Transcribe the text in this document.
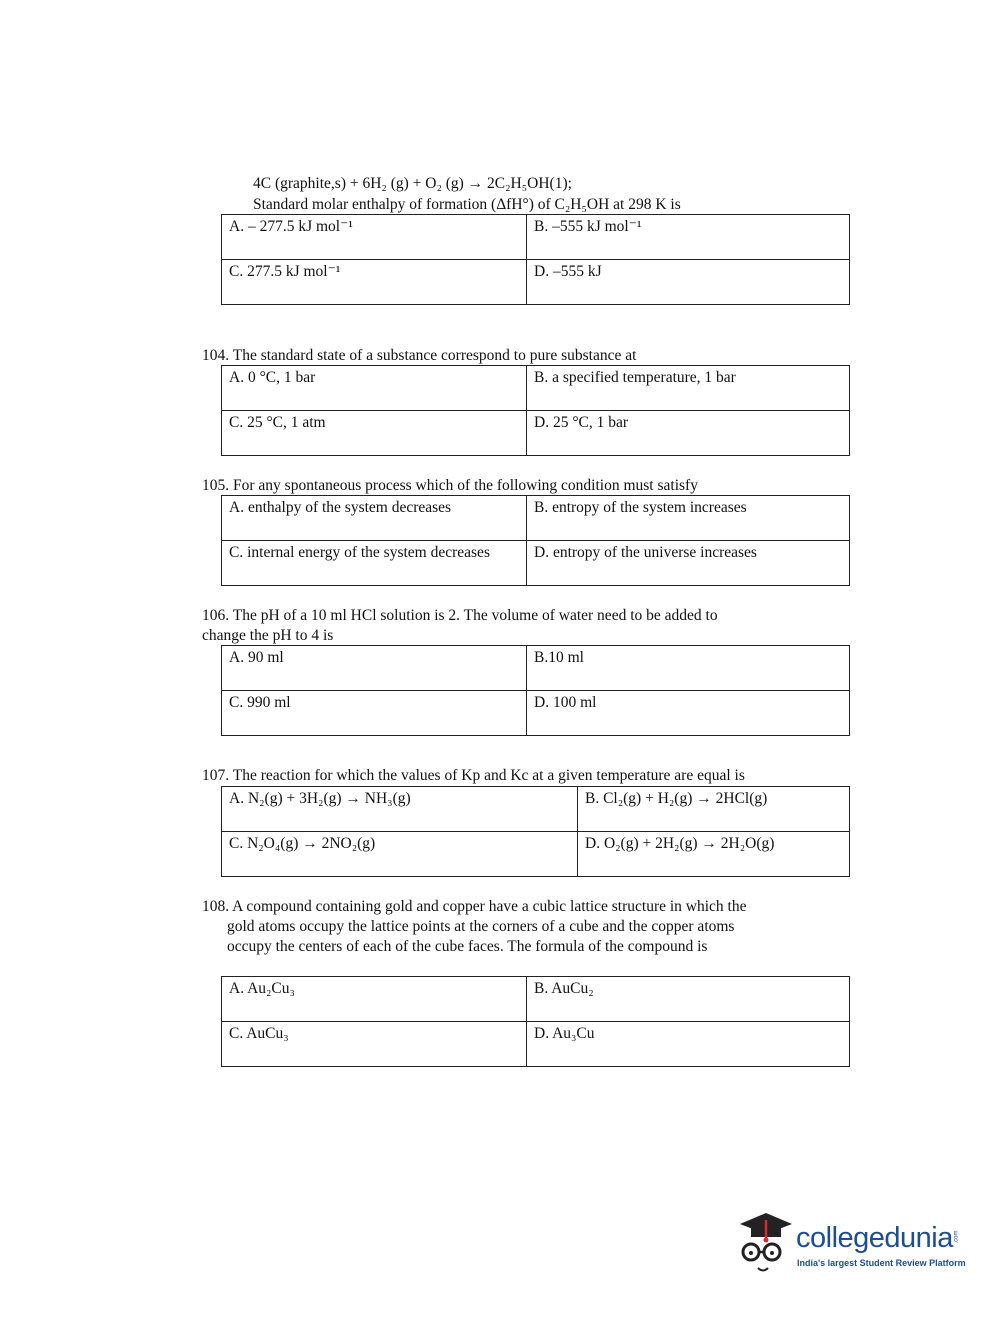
4C (graphite,s) + 6H₂ (g) + O₂ (g) → 2C₂H₅OH(1);
Standard molar enthalpy of formation (ΔfH°) of C₂H₅OH at 298 K is
A. – 277.5 kJ mol⁻¹	B. –555 kJ mol⁻¹
C. 277.5 kJ mol⁻¹	D. –555 kJ
104. The standard state of a substance correspond to pure substance at
A. 0 °C, 1 bar	B. a specified temperature, 1 bar
C. 25 °C, 1 atm	D. 25 °C, 1 bar
105. For any spontaneous process which of the following condition must satisfy
A. enthalpy of the system decreases	B. entropy of the system increases
C. internal energy of the system decreases	D. entropy of the universe increases
106. The pH of a 10 ml HCl solution is 2. The volume of water need to be added to
change the pH to 4 is
A. 90 ml	B.10 ml
C. 990 ml	D. 100 ml
107. The reaction for which the values of Kp and Kc at a given temperature are equal is
A. N₂(g) + 3H₂(g) → NH₃(g)	B. Cl₂(g) + H₂(g) → 2HCl(g)
C. N₂O₄(g) → 2NO₂(g)	D. O₂(g) + 2H₂(g) → 2H₂O(g)
108. A compound containing gold and copper have a cubic lattice structure in which the
gold atoms occupy the lattice points at the corners of a cube and the copper atoms
occupy the centers of each of the cube faces. The formula of the compound is
A. Au₂Cu₃	B. AuCu₂
C. AuCu₃	D. Au₃Cu
collegedunia .com
India's largest Student Review Platform
